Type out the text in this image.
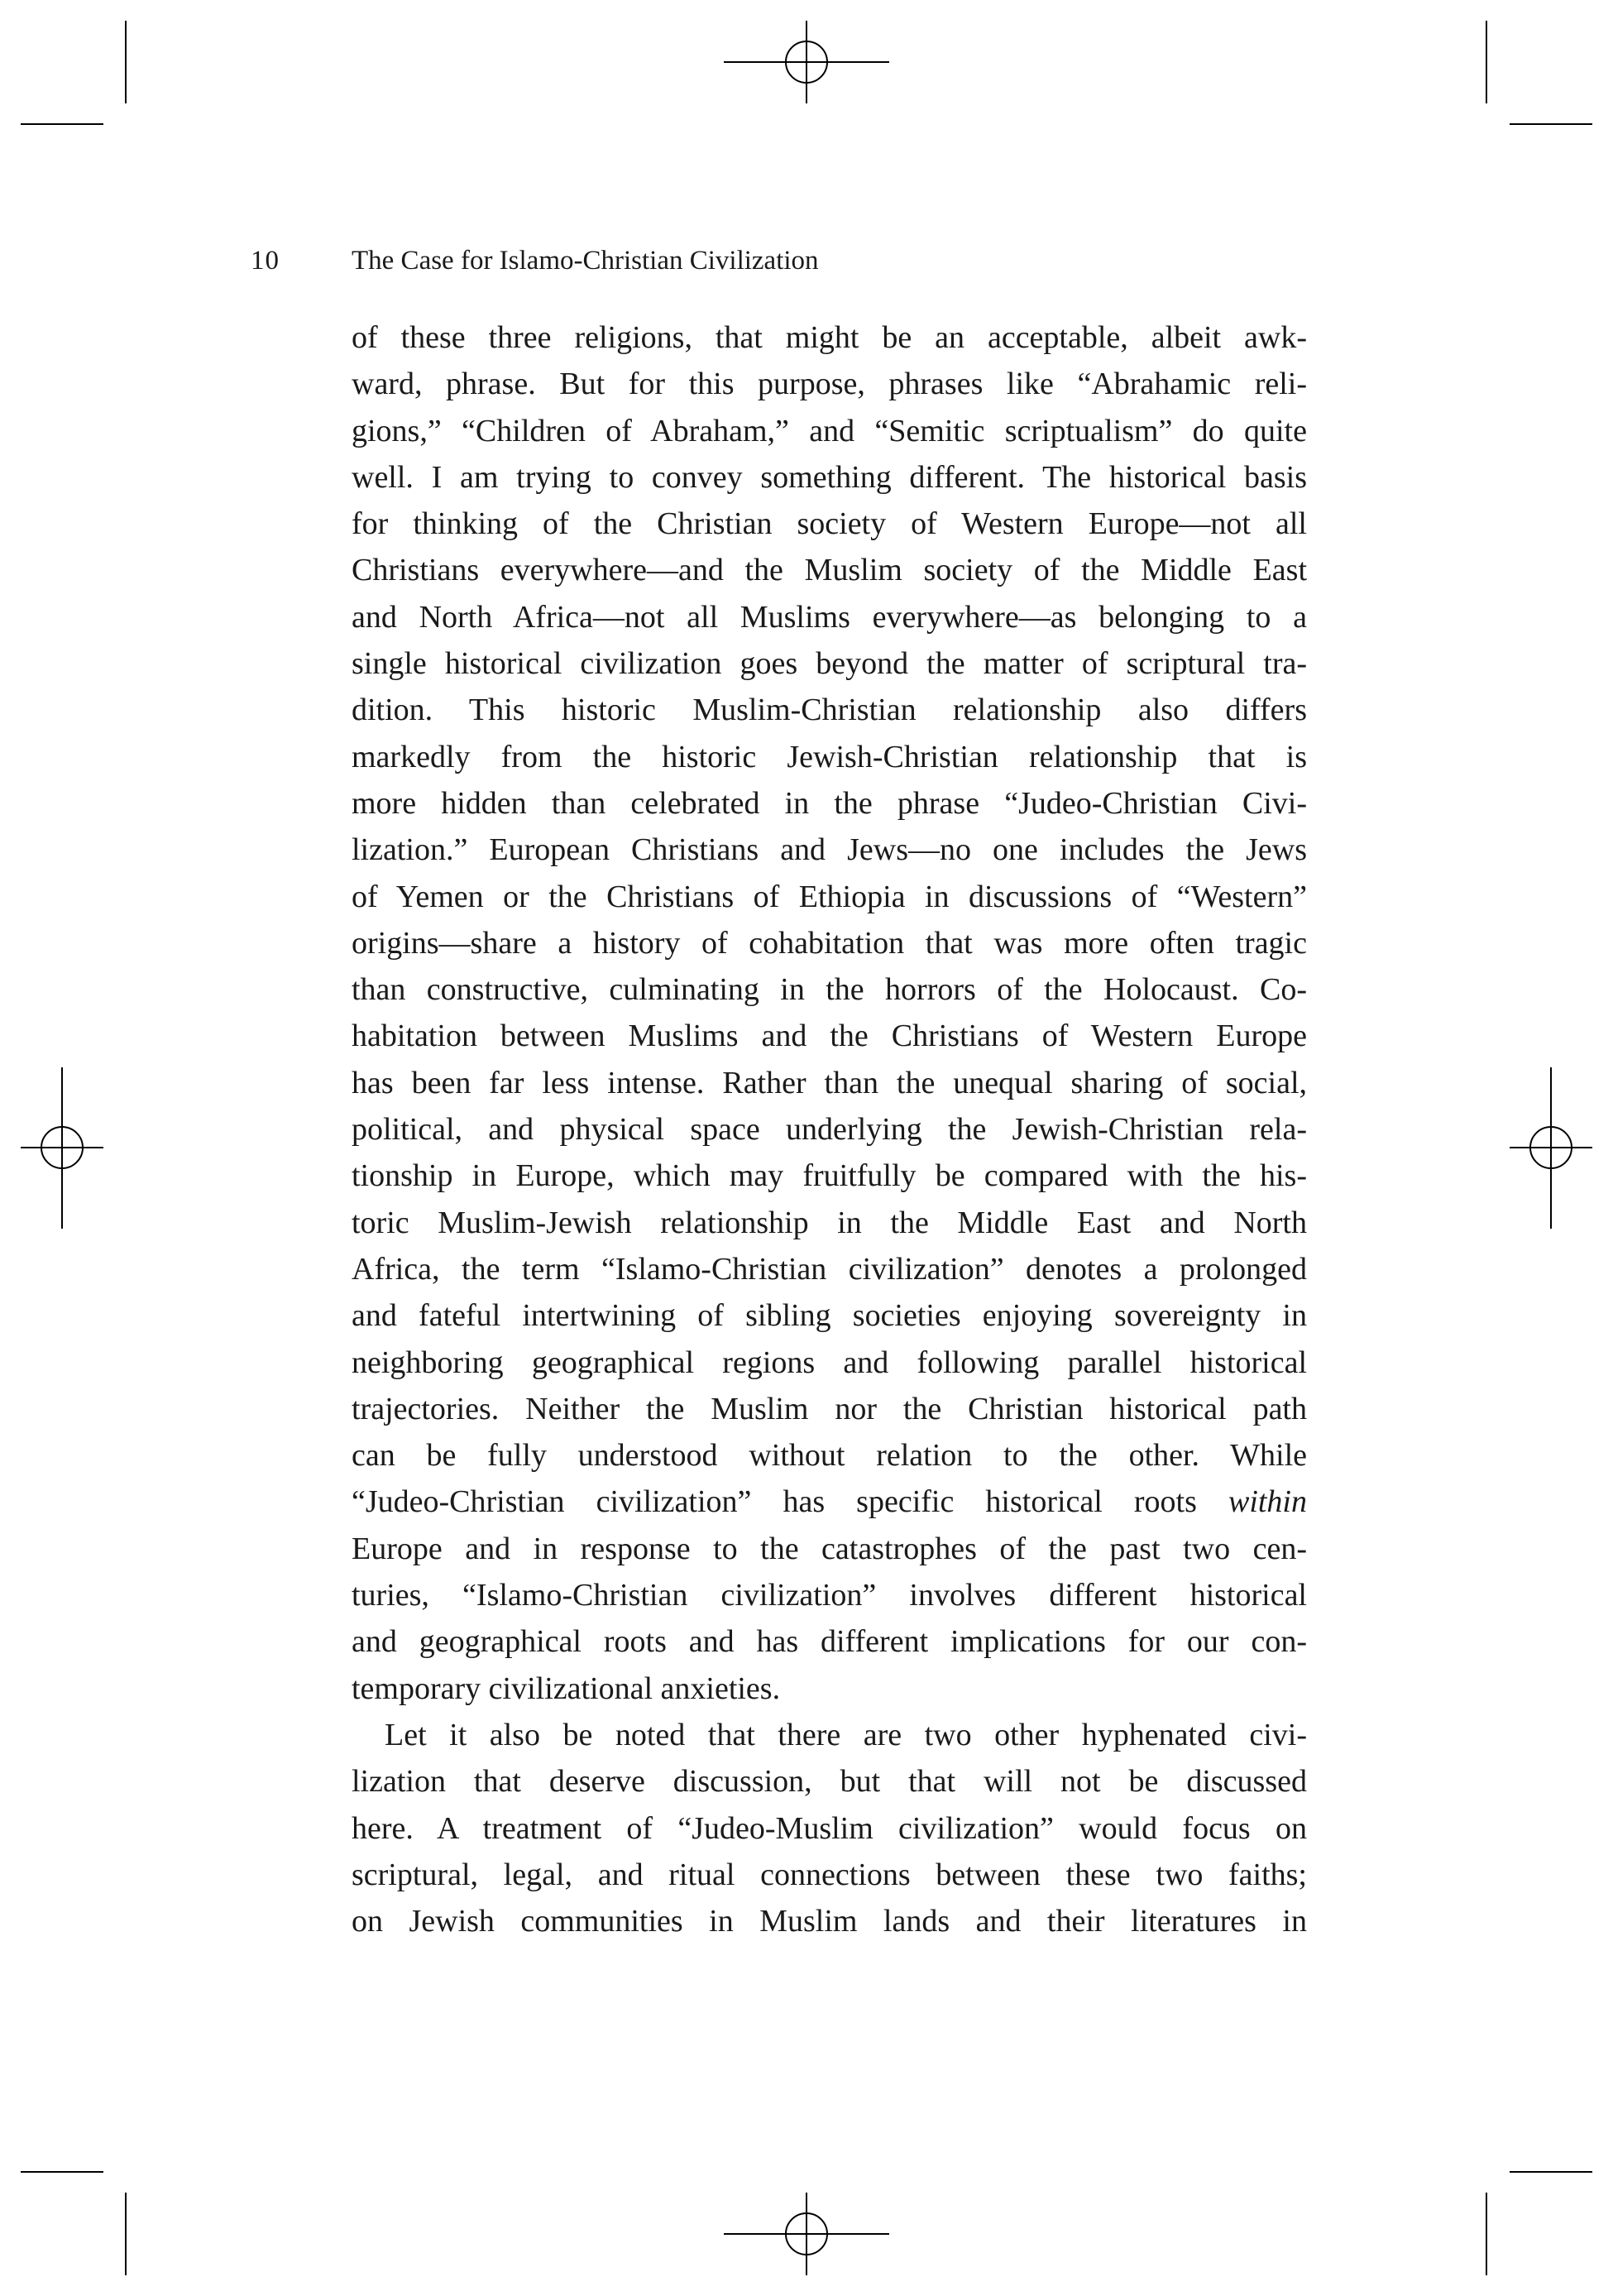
10	The Case for Islamo-Christian Civilization
of these three religions, that might be an acceptable, albeit awk-
ward, phrase. But for this purpose, phrases like “Abrahamic reli-
gions,” “Children of Abraham,” and “Semitic scriptualism” do quite
well. I am trying to convey something different. The historical basis
for thinking of the Christian society of Western Europe—not all
Christians everywhere—and the Muslim society of the Middle East
and North Africa—not all Muslims everywhere—as belonging to a
single historical civilization goes beyond the matter of scriptural tra-
dition. This historic Muslim-Christian relationship also differs
markedly from the historic Jewish-Christian relationship that is
more hidden than celebrated in the phrase “Judeo-Christian Civi-
lization.” European Christians and Jews—no one includes the Jews
of Yemen or the Christians of Ethiopia in discussions of “Western”
origins—share a history of cohabitation that was more often tragic
than constructive, culminating in the horrors of the Holocaust. Co-
habitation between Muslims and the Christians of Western Europe
has been far less intense. Rather than the unequal sharing of social,
political, and physical space underlying the Jewish-Christian rela-
tionship in Europe, which may fruitfully be compared with the his-
toric Muslim-Jewish relationship in the Middle East and North
Africa, the term “Islamo-Christian civilization” denotes a prolonged
and fateful intertwining of sibling societies enjoying sovereignty in
neighboring geographical regions and following parallel historical
trajectories. Neither the Muslim nor the Christian historical path
can be fully understood without relation to the other. While
“Judeo-Christian civilization” has specific historical roots within
Europe and in response to the catastrophes of the past two cen-
turies, “Islamo-Christian civilization” involves different historical
and geographical roots and has different implications for our con-
temporary civilizational anxieties.
Let it also be noted that there are two other hyphenated civi-
lization that deserve discussion, but that will not be discussed
here. A treatment of “Judeo-Muslim civilization” would focus on
scriptural, legal, and ritual connections between these two faiths;
on Jewish communities in Muslim lands and their literatures in
